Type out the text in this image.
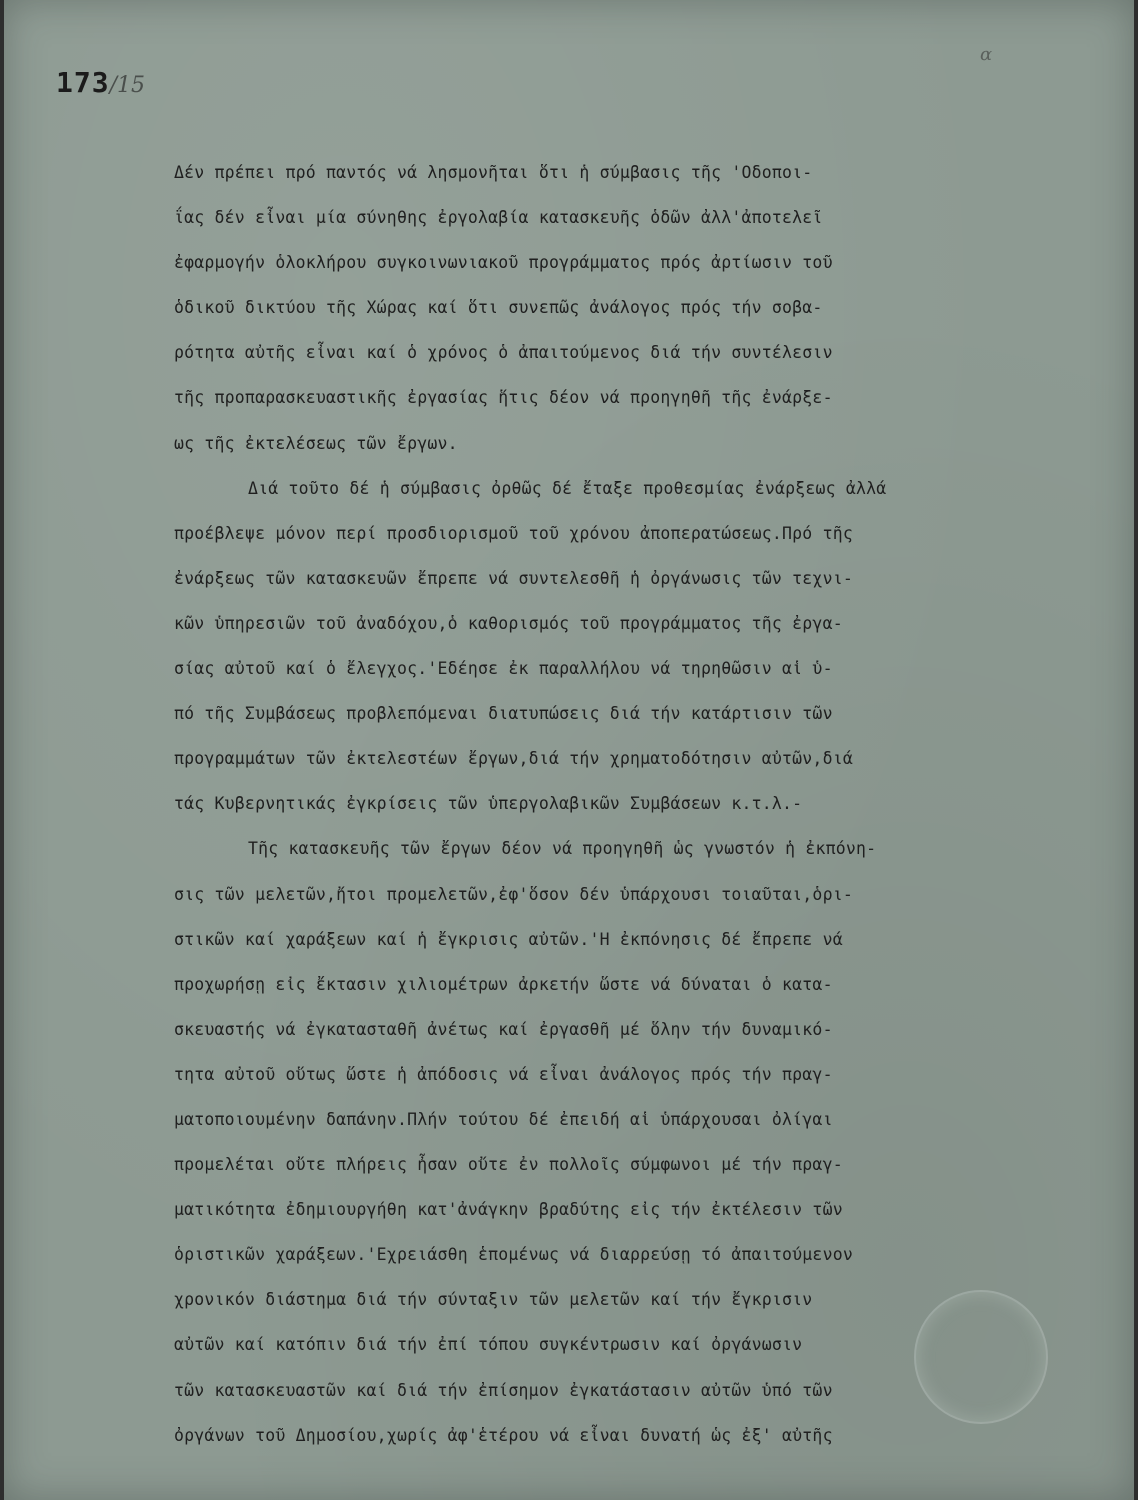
173/15
α
Δέν πρέπει πρό παντός νά λησμονῆται ὅτι ἡ σύμβασις τῆς 'Οδοποι-
ΐας δέν εἶναι μία σύνηθης ἐργολαβία κατασκευῆς ὁδῶν ἀλλ'ἀποτελεῖ
ἐφαρμογήν ὁλοκλήρου συγκοινωνιακοῦ προγράμματος πρός ἀρτίωσιν τοῦ
ὁδικοῦ δικτύου τῆς Χώρας καί ὅτι συνεπῶς ἀνάλογος πρός τήν σοβα-
ρότητα αὐτῆς εἶναι καί ὁ χρόνος ὁ ἀπαιτούμενος διά τήν συντέλεσιν
τῆς προπαρασκευαστικῆς ἐργασίας ἥτις δέον νά προηγηθῆ τῆς ἐνάρξε-
ως τῆς ἐκτελέσεως τῶν ἔργων.
Διά τοῦτο δέ ἡ σύμβασις ὀρθῶς δέ ἔταξε προθεσμίας ἐνάρξεως ἀλλά
προέβλεψε μόνον περί προσδιορισμοῦ τοῦ χρόνου ἀποπερατώσεως.Πρό τῆς
ἐνάρξεως τῶν κατασκευῶν ἔπρεπε νά συντελεσθῆ ἡ ὀργάνωσις τῶν τεχνι-
κῶν ὑπηρεσιῶν τοῦ ἀναδόχου,ὁ καθορισμός τοῦ προγράμματος τῆς ἐργα-
σίας αὐτοῦ καί ὁ ἔλεγχος.'Εδέησε ἐκ παραλλήλου νά τηρηθῶσιν αἱ ὑ-
πό τῆς Συμβάσεως προβλεπόμεναι διατυπώσεις διά τήν κατάρτισιν τῶν
προγραμμάτων τῶν ἐκτελεστέων ἔργων,διά τήν χρηματοδότησιν αὐτῶν,διά
τάς Κυβερνητικάς ἐγκρίσεις τῶν ὑπεργολαβικῶν Συμβάσεων κ.τ.λ.-
Τῆς κατασκευῆς τῶν ἔργων δέον νά προηγηθῆ ὡς γνωστόν ἡ ἐκπόνη-
σις τῶν μελετῶν,ἤτοι προμελετῶν,ἐφ'ὅσον δέν ὑπάρχουσι τοιαῦται,ὁρι-
στικῶν καί χαράξεων καί ἡ ἔγκρισις αὐτῶν.'Η ἐκπόνησις δέ ἔπρεπε νά
προχωρήσῃ εἰς ἔκτασιν χιλιομέτρων ἀρκετήν ὥστε νά δύναται ὁ κατα-
σκευαστής νά ἐγκατασταθῆ ἀνέτως καί ἐργασθῆ μέ ὅλην τήν δυναμικό-
τητα αὐτοῦ οὕτως ὥστε ἡ ἀπόδοσις νά εἶναι ἀνάλογος πρός τήν πραγ-
ματοποιουμένην δαπάνην.Πλήν τούτου δέ ἐπειδή αἱ ὑπάρχουσαι ὀλίγαι
προμελέται οὔτε πλήρεις ἦσαν οὔτε ἐν πολλοῖς σύμφωνοι μέ τήν πραγ-
ματικότητα ἐδημιουργήθη κατ'ἀνάγκην βραδύτης εἰς τήν ἐκτέλεσιν τῶν
ὁριστικῶν χαράξεων.'Εχρειάσθη ἑπομένως νά διαρρεύσῃ τό ἀπαιτούμενον
χρονικόν διάστημα διά τήν σύνταξιν τῶν μελετῶν καί τήν ἔγκρισιν
αὐτῶν καί κατόπιν διά τήν ἐπί τόπου συγκέντρωσιν καί ὀργάνωσιν
τῶν κατασκευαστῶν καί διά τήν ἐπίσημον ἐγκατάστασιν αὐτῶν ὑπό τῶν
ὀργάνων τοῦ Δημοσίου,χωρίς ἀφ'ἑτέρου νά εἶναι δυνατή ὡς ἐξ' αὐτῆς
